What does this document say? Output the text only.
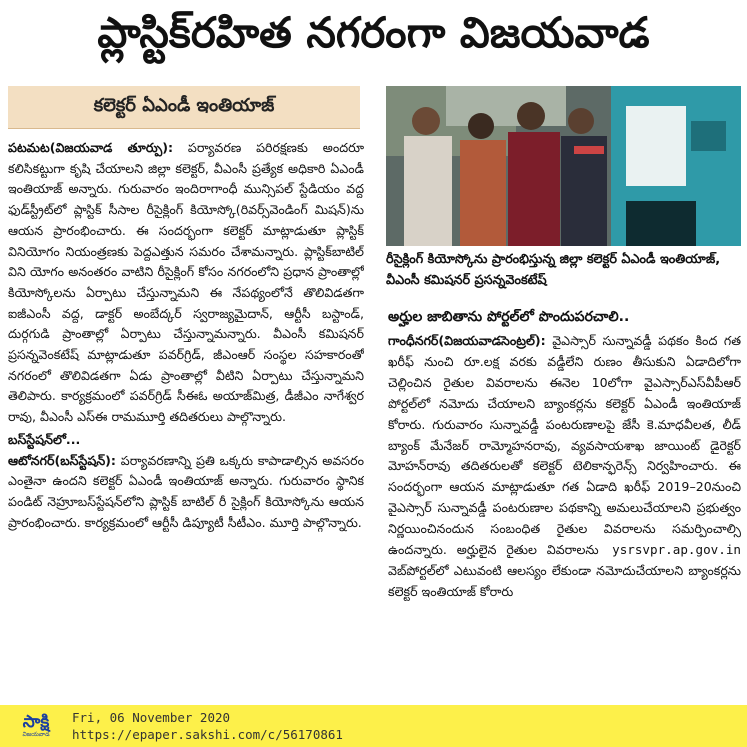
ప్లాస్టిక్‌రహిత నగరంగా విజయవాడ
కలెక్టర్ ఏఎండీ ఇంతియాజ్

పటమట(విజయవాడ తూర్పు): పర్యావరణ పరిరక్షణకు అందరూ కలిసికట్టుగా కృషి చేయాలని జిల్లా కలెక్టర్, వీఎంసీ ప్రత్యేక అధికారి ఏఎండీ ఇంతియాజ్ అన్నారు. గురువారం ఇందిరాగాంధీ మున్సిపల్ స్టేడియం వద్ద ఫుడ్‌స్ట్రీట్‌లో ప్లాస్టిక్ సీసాల రీసైక్లింగ్ కియోస్కో(రివర్స్‌వెండింగ్ మిషన్)ను ఆయన ప్రారంభించారు. ఈ సందర్భంగా కలెక్టర్ మాట్లాడుతూ ప్లాస్టిక్ వినియోగం నియంత్రణకు పెద్దఎత్తున సమరం చేశామన్నారు. ప్లాస్టిక్‌బాటిల్ విని యోగం అనంతరం వాటిని రీసైక్లింగ్ కోసం నగరంలోని ప్రధాన ప్రాంతాల్లో కియోస్కోలను ఏర్పాటు చేస్తున్నామని ఈ నేపథ్యంలోనే తొలివిడతగా ఐజీఎంసీ వద్ద, డాక్టర్ అంబేద్కర్ స్వరాజ్యమైదాన్, ఆర్టీసీ బస్టాండ్, దుర్గగుడి ప్రాంతాల్లో ఏర్పాటు చేస్తున్నామన్నారు. వీఎంసీ కమిషనర్ ప్రసన్నవెంకటేష్ మాట్లాడుతూ పవర్‌గ్రిడ్, జీఎంఆర్ సంస్థల సహకారంతో నగరంలో తొలివిడతగా ఏడు ప్రాంతాల్లో వీటిని ఏర్పాటు చేస్తున్నామని తెలిపారు. కార్యక్రమంలో పవర్‌గ్రిడ్ సీఈఓ అయాజ్‌మిత్ర, డీజీఎం నాగేశ్వర రావు, వీఎంసీ ఎస్ఈ రామమూర్తి తదితరులు పాల్గొన్నారు.

బస్‌స్టేషన్‌లో...

ఆటోనగర్(బస్‌స్టేషన్): పర్యావరణాన్ని ప్రతి ఒక్కరు కాపాడాల్సిన అవసరం ఎంతైనా ఉందని కలెక్టర్ ఏఎండీ ఇంతియాజ్ అన్నారు. గురువారం స్థానిక పండిట్ నెహ్రూబస్‌స్టేషన్‌లోని ప్లాస్టిక్ బాటిల్ రీ సైక్లింగ్ కియోస్కోను ఆయన ప్రారంభించారు. కార్యక్రమంలో ఆర్టీసీ డిప్యూటీ సీటీఎం. మూర్తి పాల్గొన్నారు.

రీసైక్లింగ్ కియోస్కోను ప్రారంభిస్తున్న జిల్లా కలెక్టర్ ఏఎండీ ఇంతియాజ్, వీఎంసీ కమిషనర్ ప్రసన్నవెంకటేష్
అర్హుల జాబితాను పోర్టల్‌లో పొందుపరచాలి..

గాంధీనగర్(విజయవాడసెంట్రల్): వైఎస్సార్ సున్నావడ్డీ పథకం కింద గత ఖరీఫ్ నుంచి రూ.లక్ష వరకు వడ్డీలేని రుణం తీసుకుని ఏడాదిలోగా చెల్లించిన రైతుల వివరాలను ఈనెల 10లోగా వైఎస్సార్‌ఎస్‌వీపీఆర్ పోర్టల్‌లో నమోదు చేయాలని బ్యాంకర్లను కలెక్టర్ ఏఎండీ ఇంతియాజ్ కోరారు. గురువారం సున్నావడ్డీ పంటరుణాలపై జేసీ కె.మాధవీలత, లీడ్ బ్యాంక్ మేనేజర్ రామ్మోహనరావు, వ్యవసాయశాఖ జాయింట్ డైరెక్టర్ మోహన్‌రావు తదితరులతో కలెక్టర్ టెలికాన్ఫరెన్స్ నిర్వహించారు. ఈ సందర్భంగా ఆయన మాట్లాడుతూ గత ఏడాది ఖరీఫ్ 2019–20నుంచి వైఎస్సార్ సున్నావడ్డీ పంటరుణాల పథకాన్ని అమలుచేయాలని ప్రభుత్వం నిర్ణయించినందున సంబంధిత రైతుల వివరాలను సమర్పించాల్సి ఉందన్నారు. అర్హులైన రైతుల వివరాలను ysrsvpr.ap.gov.in వెబ్‌పోర్టల్‌లో ఎటువంటి ఆలస్యం లేకుండా నమోదుచేయాలని బ్యాంకర్లను కలెక్టర్ ఇంతియాజ్ కోరారు

సాక్షి
విజయవాడ
Fri, 06 November 2020
https://epaper.sakshi.com/c/56170861
